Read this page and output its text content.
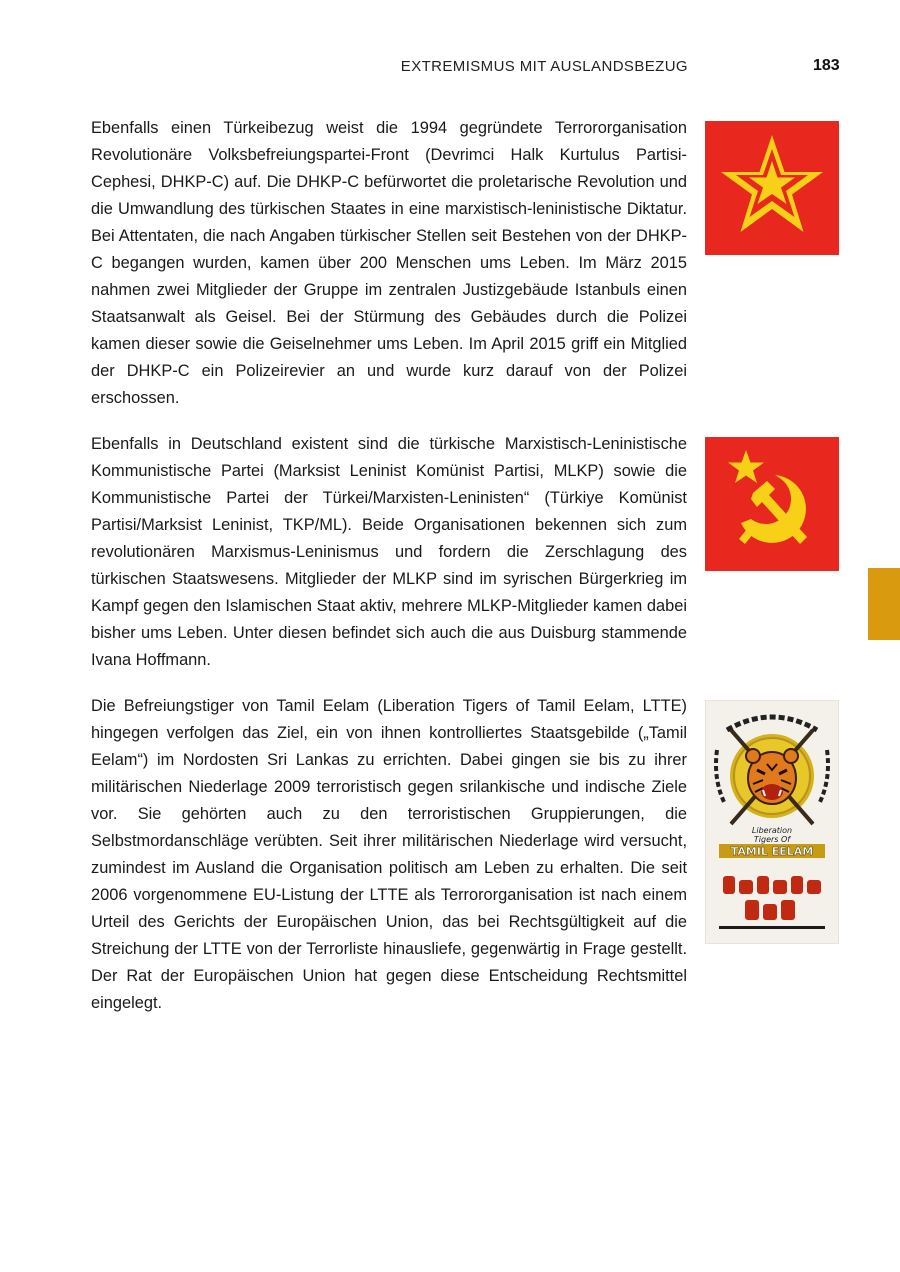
EXTREMISMUS MIT AUSLANDSBEZUG	183

Ebenfalls einen Türkeibezug weist die 1994 gegründete Terrororganisation Revolutionäre Volksbefreiungspartei-Front (Devrimci Halk Kurtulus Partisi-Cephesi, DHKP-C) auf. Die DHKP-C befürwortet die proletarische Revolution und die Umwandlung des türkischen Staates in eine marxistisch-leninistische Diktatur. Bei Attentaten, die nach Angaben türkischer Stellen seit Bestehen von der DHKP-C begangen wurden, kamen über 200 Menschen ums Leben. Im März 2015 nahmen zwei Mitglieder der Gruppe im zentralen Justizgebäude Istanbuls einen Staatsanwalt als Geisel. Bei der Stürmung des Gebäudes durch die Polizei kamen dieser sowie die Geiselnehmer ums Leben. Im April 2015 griff ein Mitglied der DHKP-C ein Polizeirevier an und wurde kurz darauf von der Polizei erschossen.

Ebenfalls in Deutschland existent sind die türkische Marxistisch-Leninistische Kommunistische Partei (Marksist Leninist Komünist Partisi, MLKP) sowie die Kommunistische Partei der Türkei/Marxisten-Leninisten“ (Türkiye Komünist Partisi/Marksist Leninist, TKP/ML). Beide Organisationen bekennen sich zum revolutionären Marxismus-Leninismus und fordern die Zerschlagung des türkischen Staatswesens. Mitglieder der MLKP sind im syrischen Bürgerkrieg im Kampf gegen den Islamischen Staat aktiv, mehrere MLKP-Mitglieder kamen dabei bisher ums Leben. Unter diesen befindet sich auch die aus Duisburg stammende Ivana Hoffmann.

Die Befreiungstiger von Tamil Eelam (Liberation Tigers of Tamil Eelam, LTTE) hingegen verfolgen das Ziel, ein von ihnen kontrolliertes Staatsgebilde („Tamil Eelam“) im Nordosten Sri Lankas zu errichten. Dabei gingen sie bis zu ihrer militärischen Niederlage 2009 terroristisch gegen srilankische und indische Ziele vor. Sie gehörten auch zu den terroristischen Gruppierungen, die Selbstmordanschläge verübten. Seit ihrer militärischen Niederlage wird versucht, zumindest im Ausland die Organisation politisch am Leben zu erhalten. Die seit 2006 vorgenommene EU-Listung der LTTE als Terrororganisation ist nach einem Urteil des Gerichts der Europäischen Union, das bei Rechtsgültigkeit auf die Streichung der LTTE von der Terrorliste hinausliefe, gegenwärtig in Frage gestellt. Der Rat der Europäischen Union hat gegen diese Entscheidung Rechtsmittel eingelegt.

Liberation
Tigers Of
TAMIL EELAM
